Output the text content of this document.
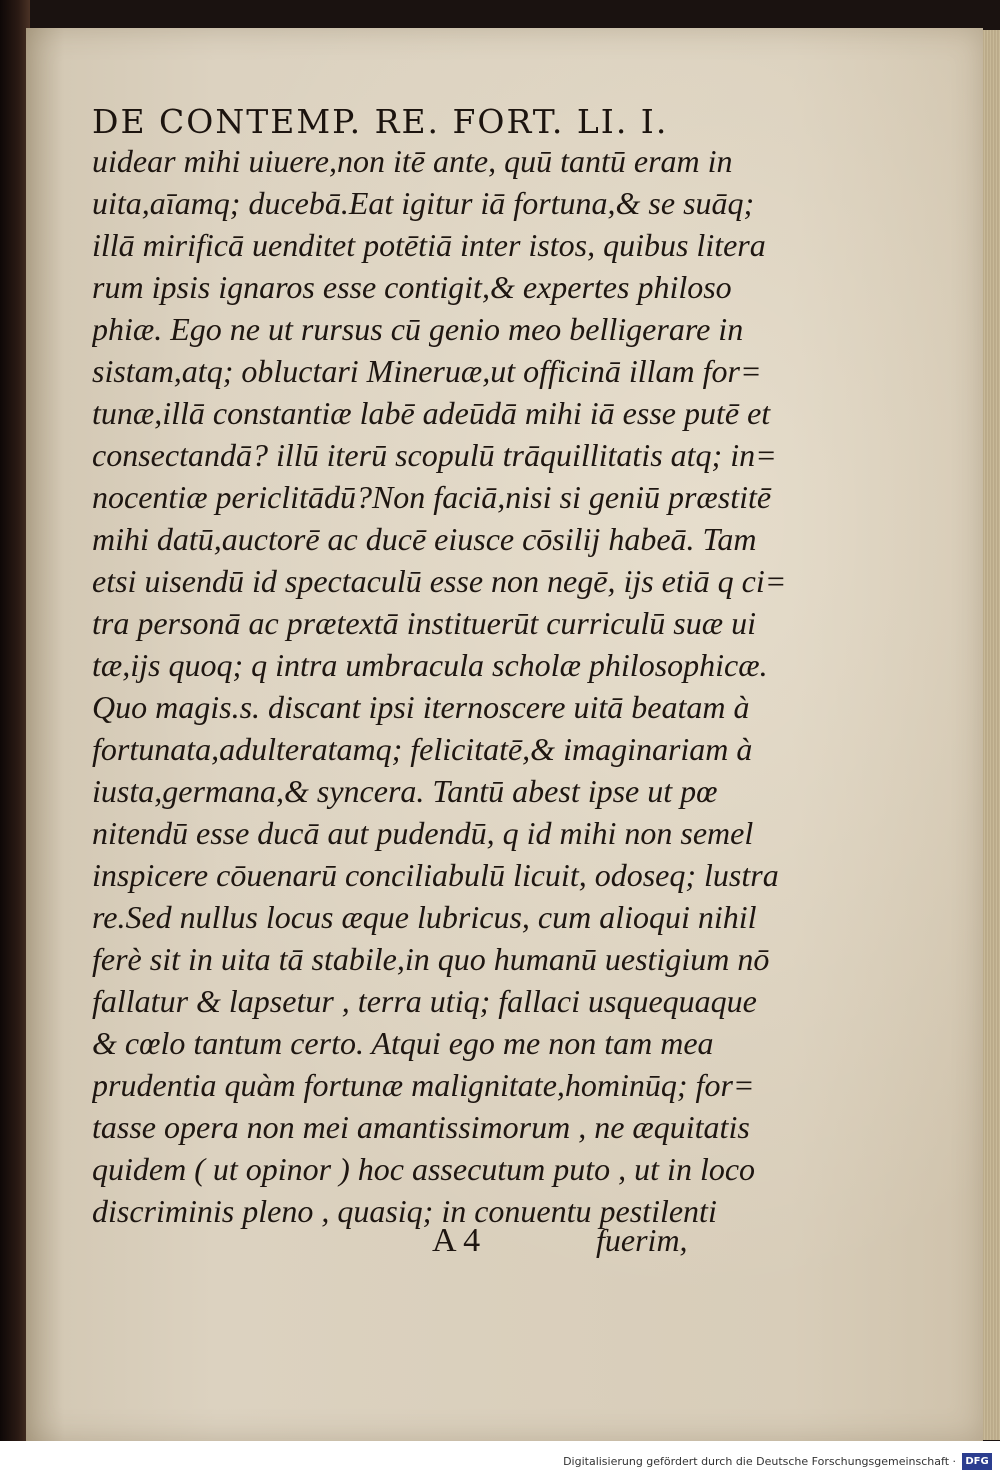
DE CONTEMP. RE. FORT. LI. I.
uidear mihi uiuere,non itē ante, quū tantū eram in
uita,aīamq; ducebā.Eat igitur iā fortuna,& se suāq;
illā mirificā uenditet potētiā inter istos, quibus litera
rum ipsis ignaros esse contigit,& expertes philoso
phiæ. Ego ne ut rursus cū genio meo belligerare in
sistam,atq; obluctari Mineruæ,ut officinā illam for=
tunæ,illā constantiæ labē adeūdā mihi iā esse putē et
consectandā? illū iterū scopulū trāquillitatis atq; in=
nocentiæ periclitādū?Non faciā,nisi si geniū præstitē
mihi datū,auctorē ac ducē eiusce cōsilij habeā. Tam
etsi uisendū id spectaculū esse non negē, ijs etiā q ci=
tra personā ac prætextā instituerūt curriculū suæ ui
tæ,ijs quoq; q intra umbracula scholæ philosophicæ.
Quo magis.s. discant ipsi iternoscere uitā beatam à
fortunata,adulteratamq; felicitatē,& imaginariam à
iusta,germana,& syncera. Tantū abest ipse ut pœ
nitendū esse ducā aut pudendū, q id mihi non semel
inspicere cōuenarū conciliabulū licuit, odoseq; lustra
re.Sed nullus locus æque lubricus, cum alioqui nihil
ferè sit in uita tā stabile,in quo humanū uestigium nō
fallatur & lapsetur , terra utiq; fallaci usquequaque
& cœlo tantum certo. Atqui ego me non tam mea
prudentia quàm fortunæ malignitate,hominūq; for=
tasse opera non mei amantissimorum , ne æquitatis
quidem ( ut opinor ) hoc assecutum puto , ut in loco
discriminis pleno , quasiq; in conuentu pestilenti
A 4	fuerim,
Digitalisierung gefördert durch die Deutsche Forschungsgemeinschaft · DFG
